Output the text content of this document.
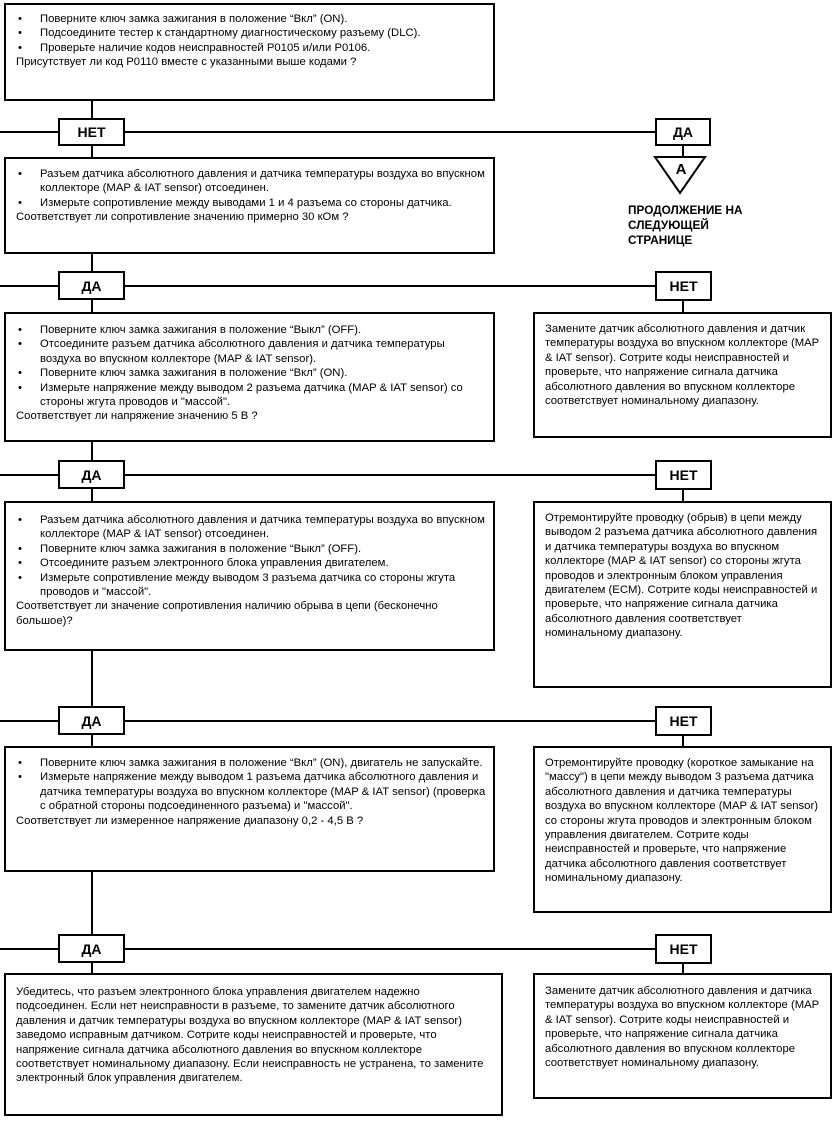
• Поверните ключ замка зажигания в положение “Вкл” (ON).
• Подсоедините тестер к стандартному диагностическому разъему (DLC).
• Проверьте наличие кодов неисправностей P0105 и/или P0106.

Присутствует ли код P0110 вместе с указанными выше кодами ?

НЕТ	ДА
A
ПРОДОЛЖЕНИЕ НА СЛЕДУЮЩЕЙ СТРАНИЦЕ
• Разъем датчика абсолютного давления и датчика температуры воздуха во впускном коллекторе (MAP & IAT sensor) отсоединен.
• Измерьте сопротивление между выводами 1 и 4 разъема со стороны датчика.

Соответствует ли сопротивление значению примерно 30 кОм ?

ДА	НЕТ
• Поверните ключ замка зажигания в положение “Выкл” (OFF).
• Отсоедините разъем датчика абсолютного давления и датчика температуры воздуха во впускном коллекторе (MAP & IAT sensor).
• Поверните ключ замка зажигания в положение “Вкл” (ON).
• Измерьте напряжение между выводом 2 разъема датчика (MAP & IAT sensor) со стороны жгута проводов и "массой".

Соответствует ли напряжение значению 5 В ?

Замените датчик абсолютного давления и датчик температуры воздуха во впускном коллекторе (MAP & IAT sensor). Сотрите коды неисправностей и проверьте, что напряжение сигнала датчика абсолютного давления во впускном коллекторе соответствует номинальному диапазону.

ДА	НЕТ
• Разъем датчика абсолютного давления и датчика температуры воздуха во впускном коллекторе (MAP & IAT sensor) отсоединен.
• Поверните ключ замка зажигания в положение “Выкл” (OFF).
• Отсоедините разъем электронного блока управления двигателем.
• Измерьте сопротивление между выводом 3 разъема датчика со стороны жгута проводов и "массой".

Соответствует ли значение сопротивления наличию обрыва в цепи (бесконечно большое)?

Отремонтируйте проводку (обрыв) в цепи между выводом 2 разъема датчика абсолютного давления и датчика температуры воздуха во впускном коллекторе (MAP & IAT sensor) со стороны жгута проводов и электронным блоком управления двигателем (ECM). Сотрите коды неисправностей и проверьте, что напряжение сигнала датчика абсолютного давления соответствует номинальному диапазону.

ДА	НЕТ
• Поверните ключ замка зажигания в положение “Вкл” (ON), двигатель не запускайте.
• Измерьте напряжение между выводом 1 разъема датчика абсолютного давления и датчика температуры воздуха во впускном коллекторе (MAP & IAT sensor) (проверка с обратной стороны подсоединенного разъема) и "массой".

Соответствует ли измеренное напряжение диапазону 0,2 - 4,5 В ?

Отремонтируйте проводку (короткое замыкание на "массу") в цепи между выводом 3 разъема датчика абсолютного давления и датчика температуры воздуха во впускном коллекторе (MAP & IAT sensor) со стороны жгута проводов и электронным блоком управления двигателем. Сотрите коды неисправностей и проверьте, что напряжение датчика абсолютного давления соответствует номинальному диапазону.

ДА	НЕТ

Убедитесь, что разъем электронного блока управления двигателем надежно подсоединен. Если нет неисправности в разъеме, то замените датчик абсолютного давления и датчик температуры воздуха во впускном коллекторе (MAP & IAT sensor) заведомо исправным датчиком. Сотрите коды неисправностей и проверьте, что напряжение сигнала датчика абсолютного давления во впускном коллекторе соответствует номинальному диапазону. Если неисправность не устранена, то замените электронный блок управления двигателем.

Замените датчик абсолютного давления и датчика температуры воздуха во впускном коллекторе (MAP & IAT sensor). Сотрите коды неисправностей и проверьте, что напряжение сигнала датчика абсолютного давления во впускном коллекторе соответствует номинальному диапазону.
